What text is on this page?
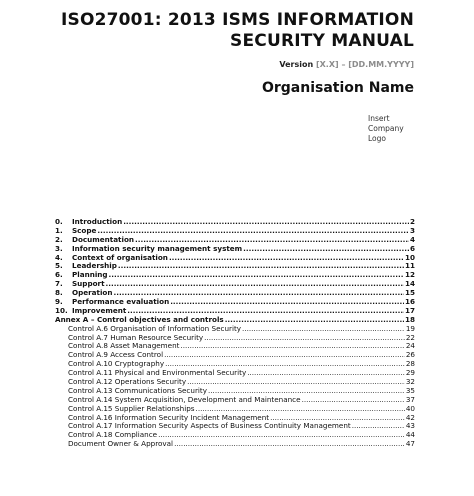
ISO27001: 2013 ISMS INFORMATION
SECURITY MANUAL
Version [X.X] – [DD.MM.YYYY]
Organisation Name
Insert
Company
Logo
0.	Introduction .....	2
1.	Scope .....	3
2.	Documentation .....	4
3.	Information security management system .....	6
4.	Context of organisation .....	10
5.	Leadership .....	11
6.	Planning .....	12
7.	Support .....	14
8.	Operation .....	15
9.	Performance evaluation .....	16
10. Improvement .....	17
Annex A – Control objectives and controls .....	18
Control A.6 Organisation of Information Security .....	19
Control A.7 Human Resource Security .....	22
Control A.8 Asset Management .....	24
Control A.9 Access Control .....	26
Control A.10 Cryptography .....	28
Control A.11 Physical and Environmental Security .....	29
Control A.12 Operations Security .....	32
Control A.13 Communications Security .....	35
Control A.14 System Acquisition, Development and Maintenance .....	37
Control A.15 Supplier Relationships .....	40
Control A.16 Information Security Incident Management .....	42
Control A.17 Information Security Aspects of Business Continuity Management .....	43
Control A.18 Compliance .....	44
Document Owner & Approval .....	47
